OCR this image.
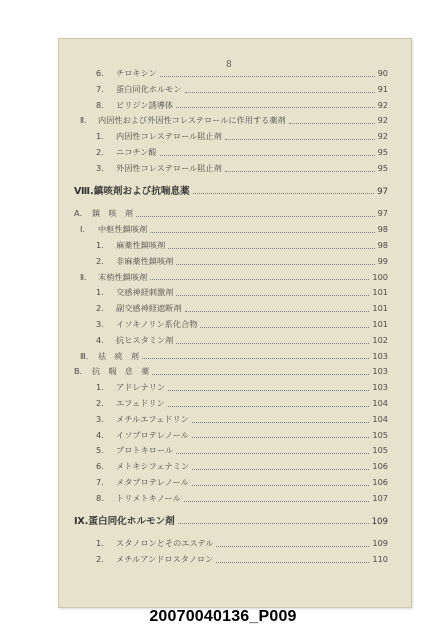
8
6.	チロキシン	90
7.	蛋白同化ホルモン	91
8.	ビリジン誘導体	92
Ⅱ.	内因性および外因性コレステロールに作用する薬剤	92
1.	内因性コレステロール阻止剤	92
2.	ニコチン酸	95
3.	外因性コレステロール阻止剤	95
Ⅷ. 鎮咳剤および抗喘息薬	97
A.	鎮　咳　剤	97
Ⅰ.	中枢性鎮咳剤	98
1.	麻薬性鎮咳剤	98
2.	非麻薬性鎮咳剤	99
Ⅱ.	末梢性鎮咳剤	100
1.	交感神経刺激剤	101
2.	副交感神経遮断剤	101
3.	イソキノリン系化合物	101
4.	抗ヒスタミン剤	102
Ⅲ.	祛　痰　剤	103
B.	抗　喘　息　薬	103
1.	アドレナリン	103
2.	エフェドリン	104
3.	メチルエフェドリン	104
4.	イソプロテレノール	105
5.	プロトキロール	105
6.	メトキシフェナミン	106
7.	メタプロテレノール	106
8.	トリメトキノール	107
Ⅸ. 蛋白同化ホルモン剤	109
1.	スタノロンとそのエステル	109
2.	メチルアンドロスタノロン	110
20070040136_P009
